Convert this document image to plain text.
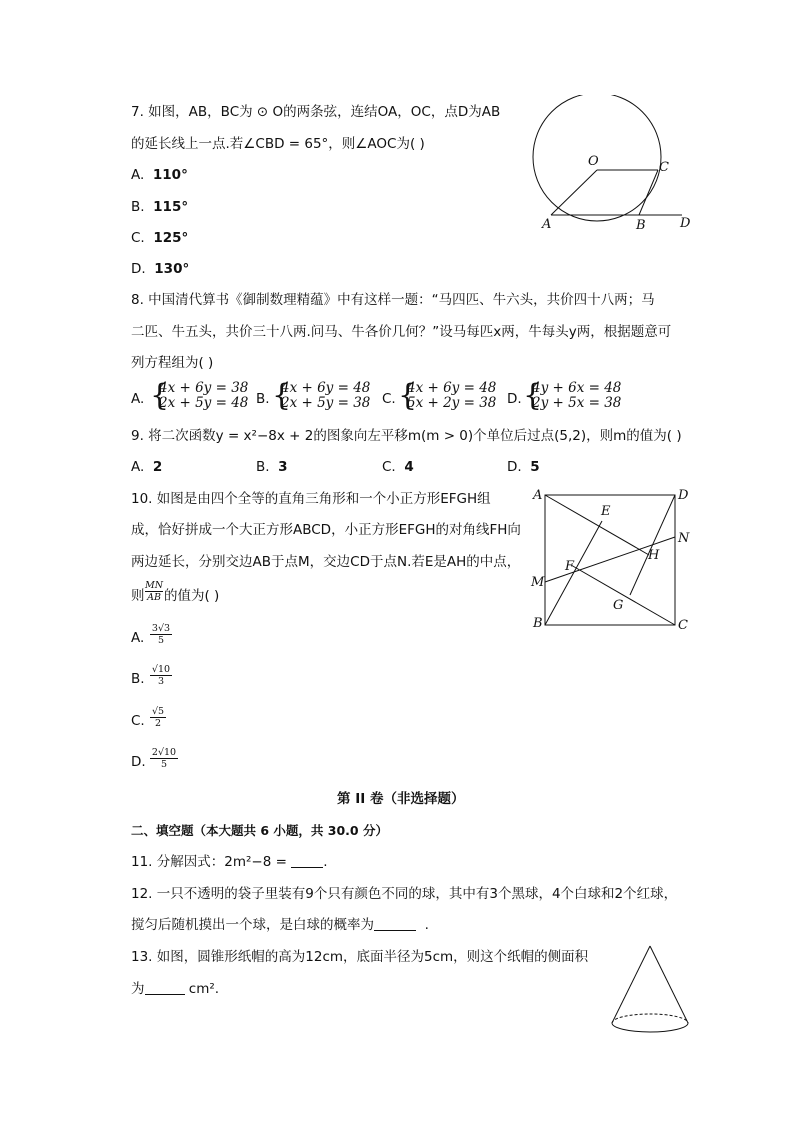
7. 如图，AB，BC为 ⊙ O的两条弦，连结OA，OC，点D为AB
的延长线上一点.若∠CBD = 65°，则∠AOC为( )
A. 110°
B. 115°
C. 125°
D. 130°
O	C
A	B	D
8. 中国清代算书《御制数理精蕴》中有这样一题：“马四匹、牛六头，共价四十八两；马
二匹、牛五头，共价三十八两.问马、牛各价几何？”设马每匹x两，牛每头y两，根据题意可
列方程组为( )
A. {
4x + 6y = 38
2x + 5y = 48 B. {
4x + 6y = 48
2x + 5y = 38 C. {
4x + 6y = 48
5x + 2y = 38 D. {
4y + 6x = 48
2y + 5x = 38
9. 将二次函数y = x²−8x + 2的图象向左平移m(m > 0)个单位后过点(5,2)，则m的值为( )
A. 2	B. 3	C. 4	D. 5
10. 如图是由四个全等的直角三角形和一个小正方形EFGH组
成，恰好拼成一个大正方形ABCD，小正方形EFGH的对角线FH向
两边延长，分别交边AB于点M，交边CD于点N.若E是AH的中点，
则 $\frac{MN}{AB}$ 的值为( )
A. $\frac{3√3}{5}$
B. $\frac{√10}{3}$
C. $\frac{√5}{2}$
D. $\frac{2√10}{5}$
A	D
E
N
H
F
M
G
B	C
第 II 卷（非选择题）
二、填空题（本大题共 6 小题，共 30.0 分）
11. 分解因式：2m²−8 = .
12. 一只不透明的袋子里装有9个只有颜色不同的球，其中有3个黑球，4个白球和2个红球，
搅匀后随机摸出一个球，是白球的概率为	.
13. 如图，圆锥形纸帽的高为12cm，底面半径为5cm，则这个纸帽的侧面积
为	cm².
